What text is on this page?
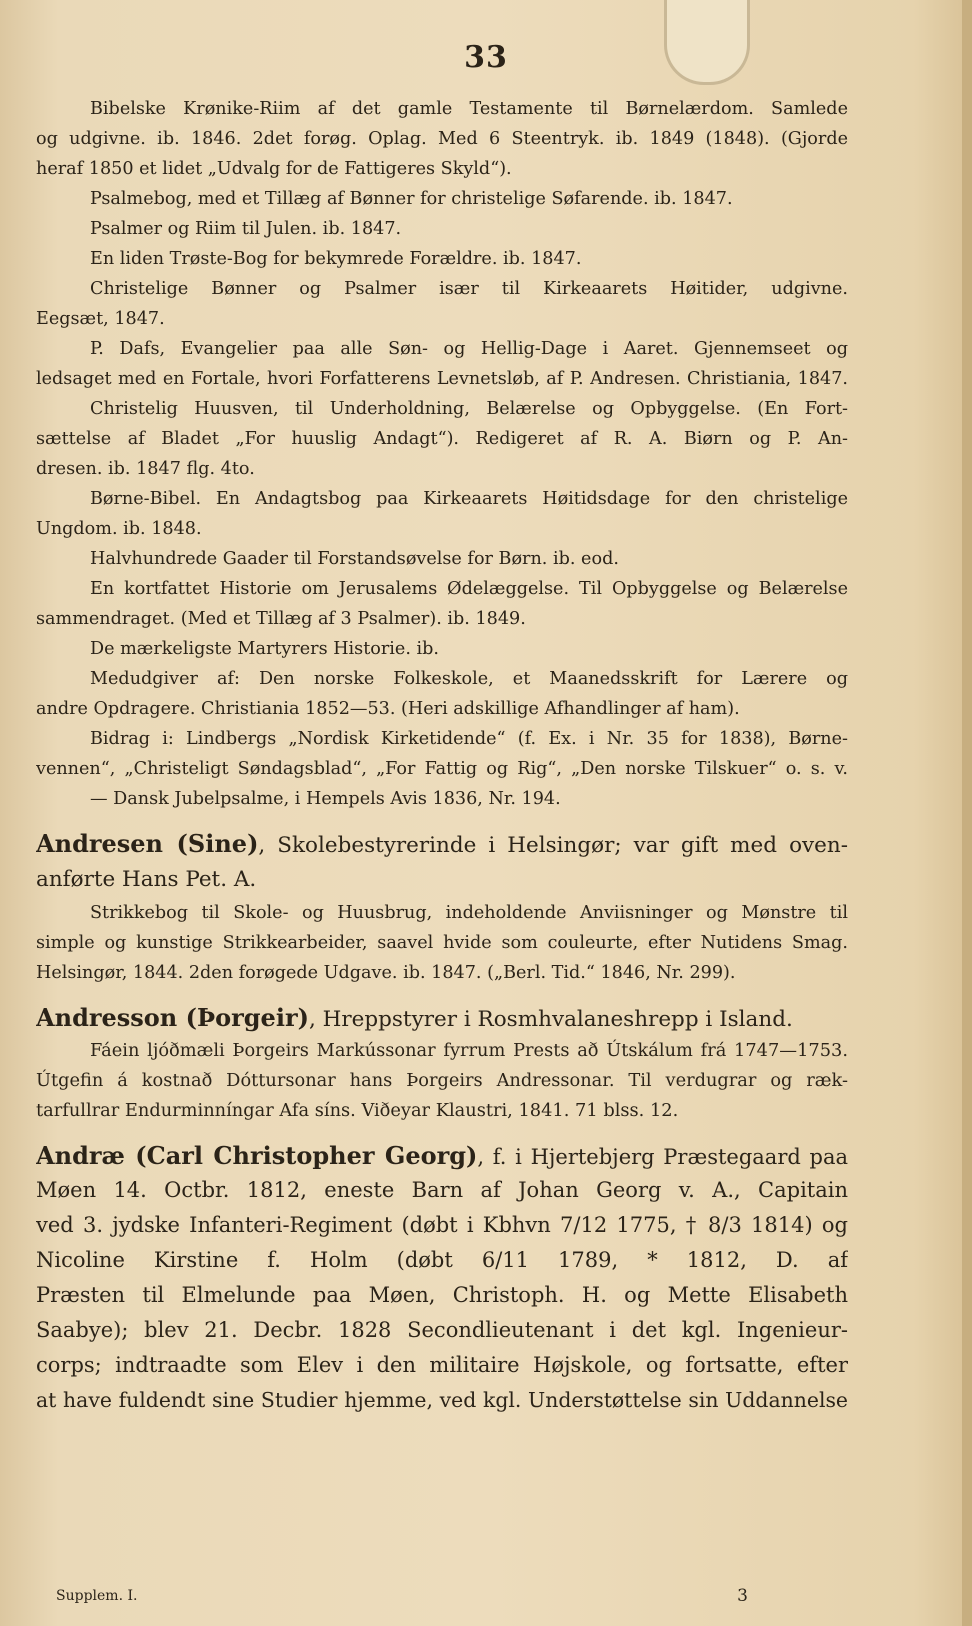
33
Bibelske Krønike-Riim af det gamle Testamente til Børnelærdom. Samlede
og udgivne. ib. 1846. 2det forøg. Oplag. Med 6 Steentryk. ib. 1849 (1848). (Gjorde
heraf 1850 et lidet „Udvalg for de Fattigeres Skyld“).
Psalmebog, med et Tillæg af Bønner for christelige Søfarende. ib. 1847.
Psalmer og Riim til Julen. ib. 1847.
En liden Trøste-Bog for bekymrede Forældre. ib. 1847.
Christelige Bønner og Psalmer især til Kirkeaarets Høitider, udgivne.
Eegsæt, 1847.
P. Dafs, Evangelier paa alle Søn- og Hellig-Dage i Aaret. Gjennemseet og
ledsaget med en Fortale, hvori Forfatterens Levnetsløb, af P. Andresen. Christiania, 1847.
Christelig Huusven, til Underholdning, Belærelse og Opbyggelse. (En Fort-
sættelse af Bladet „For huuslig Andagt“). Redigeret af R. A. Biørn og P. An-
dresen. ib. 1847 flg. 4to.
Børne-Bibel. En Andagtsbog paa Kirkeaarets Høitidsdage for den christelige
Ungdom. ib. 1848.
Halvhundrede Gaader til Forstandsøvelse for Børn. ib. eod.
En kortfattet Historie om Jerusalems Ødelæggelse. Til Opbyggelse og Belærelse
sammendraget. (Med et Tillæg af 3 Psalmer). ib. 1849.
De mærkeligste Martyrers Historie. ib.
Medudgiver af: Den norske Folkeskole, et Maanedsskrift for Lærere og
andre Opdragere. Christiania 1852—53. (Heri adskillige Afhandlinger af ham).
Bidrag i: Lindbergs „Nordisk Kirketidende“ (f. Ex. i Nr. 35 for 1838), Børne-
vennen“, „Christeligt Søndagsblad“, „For Fattig og Rig“, „Den norske Tilskuer“ o. s. v.
— Dansk Jubelpsalme, i Hempels Avis 1836, Nr. 194.
Andresen (Sine), Skolebestyrerinde i Helsingør; var gift med oven-
anførte Hans Pet. A.
Strikkebog til Skole- og Huusbrug, indeholdende Anviisninger og Mønstre til
simple og kunstige Strikkearbeider, saavel hvide som couleurte, efter Nutidens Smag.
Helsingør, 1844. 2den forøgede Udgave. ib. 1847. („Berl. Tid.“ 1846, Nr. 299).
Andresson (Þorgeir), Hreppstyrer i Rosmhvalaneshrepp i Island.
Fáein ljóðmæli Þorgeirs Markússonar fyrrum Prests að Útskálum frá 1747—1753.
Útgefin á kostnað Dóttursonar hans Þorgeirs Andressonar. Til verdugrar og ræk-
tarfullrar Endurminníngar Afa síns. Viðeyar Klaustri, 1841. 71 blss. 12.
Andræ (Carl Christopher Georg), f. i Hjertebjerg Præstegaard paa
Møen 14. Octbr. 1812, eneste Barn af Johan Georg v. A., Capitain
ved 3. jydske Infanteri-Regiment (døbt i Kbhvn 7/12 1775, † 8/3 1814) og
Nicoline Kirstine f. Holm (døbt 6/11 1789, * 1812, D. af
Præsten til Elmelunde paa Møen, Christoph. H. og Mette Elisabeth
Saabye); blev 21. Decbr. 1828 Secondlieutenant i det kgl. Ingenieur-
corps; indtraadte som Elev i den militaire Højskole, og fortsatte, efter
at have fuldendt sine Studier hjemme, ved kgl. Understøttelse sin Uddannelse
Supplem. I.	3
